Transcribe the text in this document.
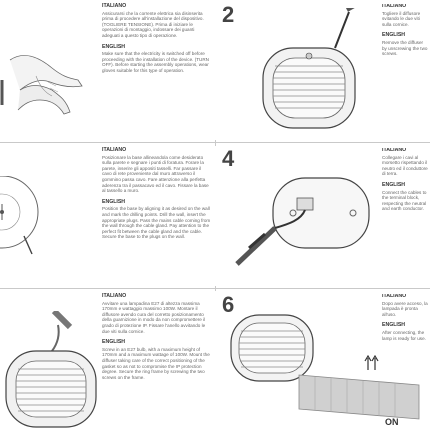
ITALIANO
Assicurarsi che la corrente elettrica sia disinserita prima di procedere all'installazione del dispositivo. (TOGLIERE TENSIONE). Prima di iniziare le operazioni di montaggio, indossare dei guanti adeguati a questo tipo di operazione.
ENGLISH
Make sure that the electricity is switched off before proceeding with the installation of the device. (TURN OFF). Before starting the assembly operations, wear gloves suitable for this type of operation.
2	ITALIANO
Togliere il diffusore svitando le due viti sulla cornice.
ENGLISH
Remove the diffuser by unscrewing the two screws.
ITALIANO
Posizionare la base allineandola come desiderato sulla parete e segnare i punti di foratura. Forare la parete, inserire gli appositi tasselli. Far passare il cavo di rete proveniente dal muro attraverso il gommino passa cavo. Fare attenzione alla perfetta aderenza tra il passacavo ed il cavo. Fissare la base al tassello a muro.
ENGLISH
Position the base by aligning it as desired on the wall and mark the drilling points. Drill the wall, insert the appropriate plugs. Pass the mains cable coming from the wall through the cable gland. Pay attention to the perfect fit between the cable gland and the cable. Secure the base to the plugs on the wall.
4	ITALIANO
Collegare i cavi al morsetto rispettando il neutro ed il conduttore di terra.
ENGLISH
Connect the cables to the terminal block, respecting the neutral and earth conductor.
ITALIANO
Avvitare una lampadina E27 di altezza massima 170mm e wattaggio massimo 100W. Montare il diffusore avendo cura del corretto posizionamento della guarnizione in modo da non compromettere il grado di protezione IP. Fissare l'anello avvitando le due viti sulla cornice.
ENGLISH
Screw in an E27 bulb, with a maximum height of 170mm and a maximum wattage of 100W. Mount the diffuser taking care of the correct positioning of the gasket so as not to compromise the IP protection degree. Secure the ring frame by screwing the two screws on the frame.
6
ON
ITALIANO
Dopo avere acceso, la lampada è pronta all'uso.
ENGLISH
After connecting, the lamp is ready for use.
